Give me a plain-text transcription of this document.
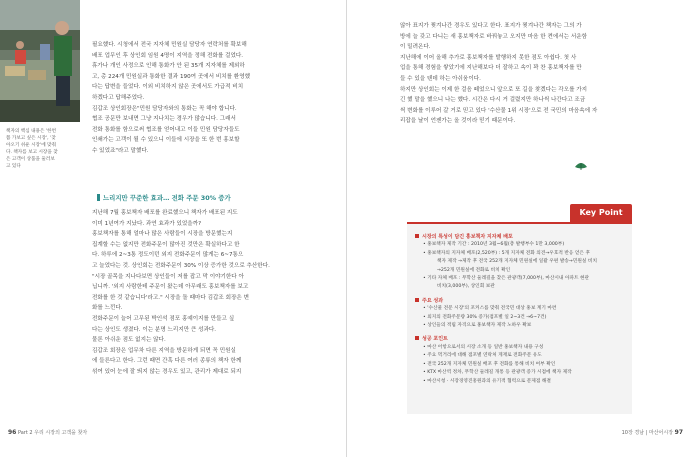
책자의 핵심 내용은 '한번
쯤 가보고 싶은 시장', '찾
아오기 쉬운 시장'에 맞춰
다. 책자를 보고 시장을 찾
은 고객이 상품을 둘러보
고 있다

필요했다. 시청에서 전국 지자체 민원실 담당자 연락처를 확보해

배포 업무인 후 상인회 임원 4명이 지역을 정해 전화를 걸었다.

휴가나 개인 사정으로 인해 통화가 안 된 35개 지자체를 제외하

고, 총 224개 민원실과 통화한 결과 190여 곳에서 비치를 환영했

다는 답변을 들었다. 이외 비치하지 않은 곳에서도 가급적 비치

하겠다고 답해주었다.

김갑조 상인회장은"민원 담당자와의 통화는 꼭 해야 합니다.

협조 공문만 보내면 그냥 지나치는 경우가 많습니다. 그래서

전화 통화를 함으로써 협조를 얻어내고 이들 민원 담당자들도

인쇄가는 고객이 될 수 있으니 이들에 시장을 또 한 번 홍보할

수 있었죠"라고 말했다.

느리지만 꾸준한 효과… 전화 주문 30% 증가

지난해 7월 홍보책자 배포를 완료했으니 책자가 배포된 지도

이미 1년여가 지났다. 과연 효과가 있었을까?

홍보책자를 통해 얼마나 많은 사람들이 시장을 방문했는지

집계할 수는 없지만 전화주문이 많아진 것만은 확실하다고 한

다. 하루에 2~3통 정도이던 외지 전화주문이 많게는 6~7통으

고 늘었다는 것. 상인회는 전화주문이 30% 이상 증가한 것으로 추산한다.

"시장 골목을 지나다보면 상인들이 저를 잡고 막 이야기한다 아

닙니까. '외지 사람한테 주문이 왔는데 아무래도 홍보책자를 보고

전화를 한 것 같습니다'라고." 시장을 돌 때마다 김갑조 회장은 변

화를 느낀다.

전화주문이 늘어 고무된 박인석 점포 홍예이지를 만들고 싶

다는 상인도 생겼다. 이는 분명 느리지만 큰 성과다.

물론 아쉬운 점도 없지는 않다.

김갑조 회장은 업무차 다른 지역을 방문하게 되면 꼭 민원실

에 들른다고 한다. 그런 때면 간혹 다른 여러 종류의 책자 한께

섞여 있어 눈에 잘 띄지 않는 경우도 있고, 관리가 제대로 되지

않아 표지가 찢겨나간 경우도 있다고 한다. 표지가 찢겨나간 책자는 그의 가

방에 늘 갖고 다니는 새 홍보책자로 바꿔놓고 오지만 마음 한 켠에서는 서운함

이 밀려온다.

지난해에 이어 올해 추가로 홍보책자를 발행하지 못한 점도 아쉽다. 첫 사

업을 통해 경험을 쌓았기에 지난해보다 더 잘하고 속이 꽉 찬 홍보책자를 만

들 수 있을 텐데 하는 아쉬움이다.

하지만 상인회는 이제 한 걸음 떼었으니 앞으로 또 길을 찾겠다는 각오를 가지

긴 했 말을 했으니 나는 했다. 시간은 다시 거 걸렸지만 하나씩 나간다고 조금

씩 변화를 이루어 갈 거로 믿고 있다 '수산물 1위 시장'으로 전 국민의 마음속에 자

리잡을 날이 언젠가는 올 것이라 믿기 때문이다.

Key Point
시장의 특성이 담긴 홍보책자 지자체 배포
• 홍보책자 제작 기간 : 2010년 3월~6월(총 발행부수 1만 3,000부)
• 홍보책자의 지자체 배포(2,520부) : 5개 지자체 전화 의견→우호적 반응 얻은 후
책자 제작 →제작 후 전국 252개 지자체 민원실에 일괄 우편 발송→민원실 비치
→252개 민원실에 전화로 비치 확인
• 기타 자체 배포 : 무학산 둘레길을 찾은 관광객(7,000부), 마산시내 아파트 현관
비치(3,000부), 상인회 보관
주요 성과
• '수산물 전문 시장'의 포커스를 맞춰 전국민 대상 홍보 계기 마련
• 외지의 전화주문량 30% 증가(점포별 일 2~3건 →6~7건)
• 상인들의 적립 자격으로 홍보책자 제작 노하우 확보
성공 포인트
• 마산 어항으로서의 시장 소개 등 일반 홍보책자 내용 구성
• 주요 먹거리에 대해 점포별 연락처 게재로 전화주문 유도
• 전국 252개 지자체 민원실 배포 후 전화를 통해 비치 여부 확인
• KTX 마산역 정차, 무학산 둘레길 개통 등 관광객 증가 시점에 책자 제작
• 마산시청 · 시장경영진흥원과의 유기적 협력으로 문제점 해결
96 Part 2 우리 시장의 고객을 찾자	10장 경남 | 마산어시장 97
